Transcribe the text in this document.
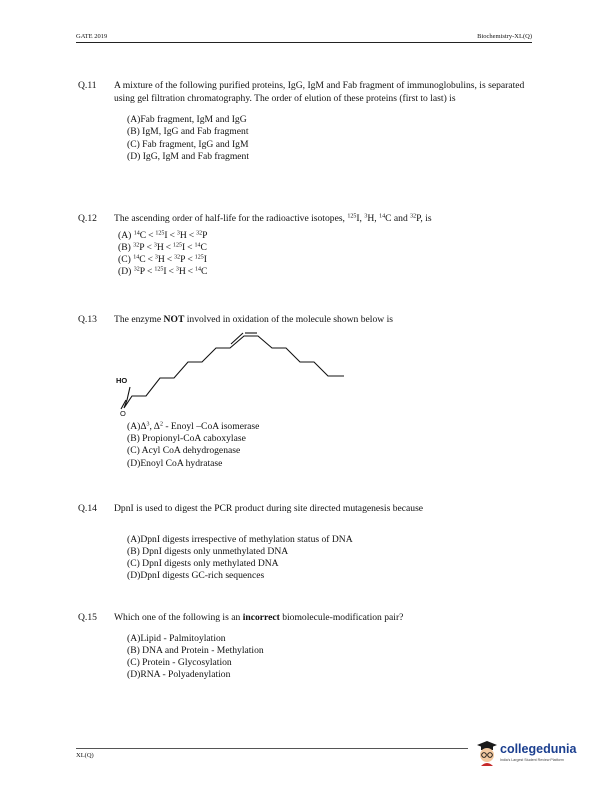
GATE 2019	Biochemistry-XL(Q)
Q.11 A mixture of the following purified proteins, IgG, IgM and Fab fragment of immunoglobulins, is separated using gel filtration chromatography. The order of elution of these proteins (first to last) is
(A)Fab fragment, IgM and IgG
(B) IgM, IgG and Fab fragment
(C) Fab fragment, IgG and IgM
(D) IgG, IgM and Fab fragment
Q.12 The ascending order of half-life for the radioactive isotopes, $^{125}$I, $^3$H, $^{14}$C and $^{32}$P, is
(A) $^{14}$C  <  $^{125}$I  <  $^3$H  <  $^{32}$P
(B) $^{32}$P  <  $^3$H  <  $^{125}$I  <  $^{14}$C
(C) $^{14}$C  <  $^3$H  <  $^{32}$P  <  $^{125}$I
(D) $^{32}$P  <  $^{125}$I  <  $^3$H  <  $^{14}$C
Q.13 The enzyme NOT involved in oxidation of the molecule shown below is
HO
O
$(A)\Delta^3$, $\Delta^2$ - Enoyl –CoA isomerase
(B) Propionyl-CoA caboxylase
(C) Acyl CoA dehydrogenase
(D)Enoyl CoA hydratase
Q.14 DpnI is used to digest the PCR product during site directed mutagenesis because
(A)DpnI digests irrespective of methylation status of DNA
(B) DpnI digests only unmethylated DNA
(C) DpnI digests only methylated DNA
(D)DpnI digests GC-rich sequences
Q.15 Which one of the following is an incorrect biomolecule-modification pair?
(A)Lipid - Palmitoylation
(B) DNA and Protein - Methylation
(C) Protein - Glycosylation
(D)RNA - Polyadenylation
XL(Q)	collegedunia
India's Largest Student Review Platform
